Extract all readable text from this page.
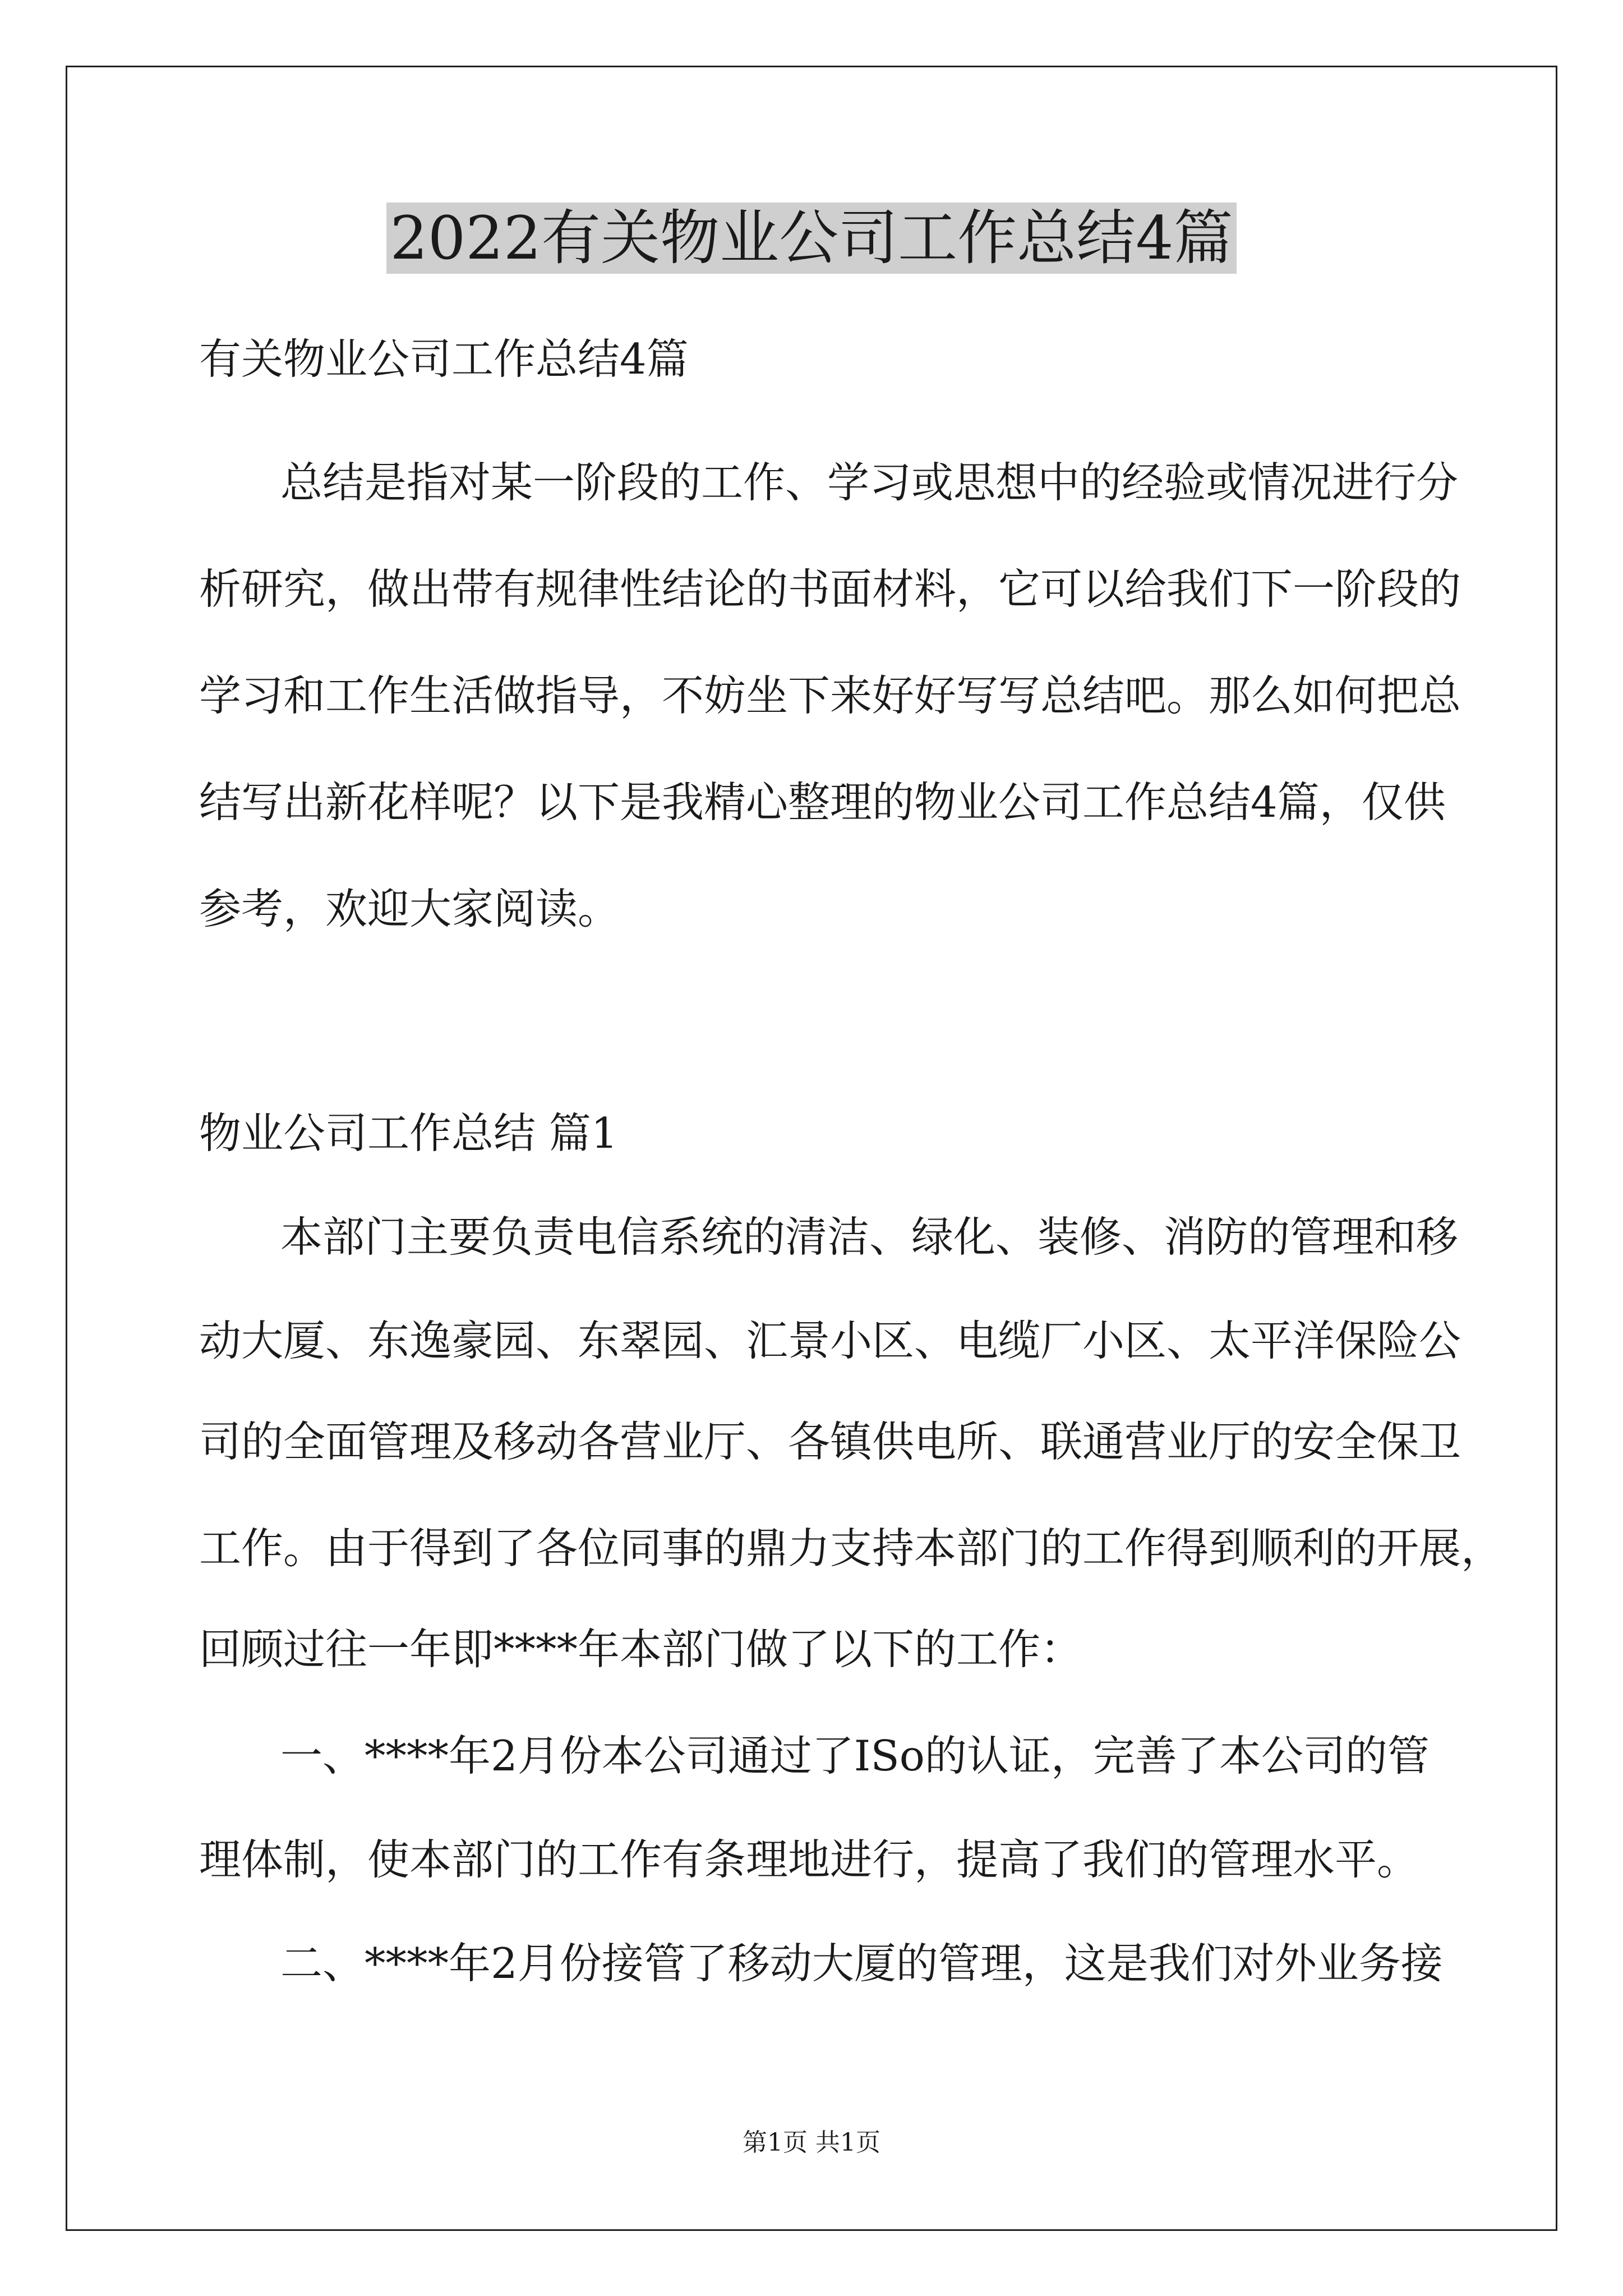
2022有关物业公司工作总结4篇
有关物业公司工作总结4篇
总结是指对某一阶段的工作、学习或思想中的经验或情况进行分
析研究，做出带有规律性结论的书面材料，它可以给我们下一阶段的
学习和工作生活做指导，不妨坐下来好好写写总结吧。那么如何把总
结写出新花样呢？以下是我精心整理的物业公司工作总结4篇，仅供
参考，欢迎大家阅读。
物业公司工作总结 篇1
本部门主要负责电信系统的清洁、绿化、装修、消防的管理和移
动大厦、东逸豪园、东翠园、汇景小区、电缆厂小区、太平洋保险公
司的全面管理及移动各营业厅、各镇供电所、联通营业厅的安全保卫
工作。由于得到了各位同事的鼎力支持本部门的工作得到顺利的开展，
回顾过往一年即****年本部门做了以下的工作：
一、****年2月份本公司通过了ISo的认证，完善了本公司的管
理体制，使本部门的工作有条理地进行，提高了我们的管理水平。
二、****年2月份接管了移动大厦的管理，这是我们对外业务接
第1页 共1页
